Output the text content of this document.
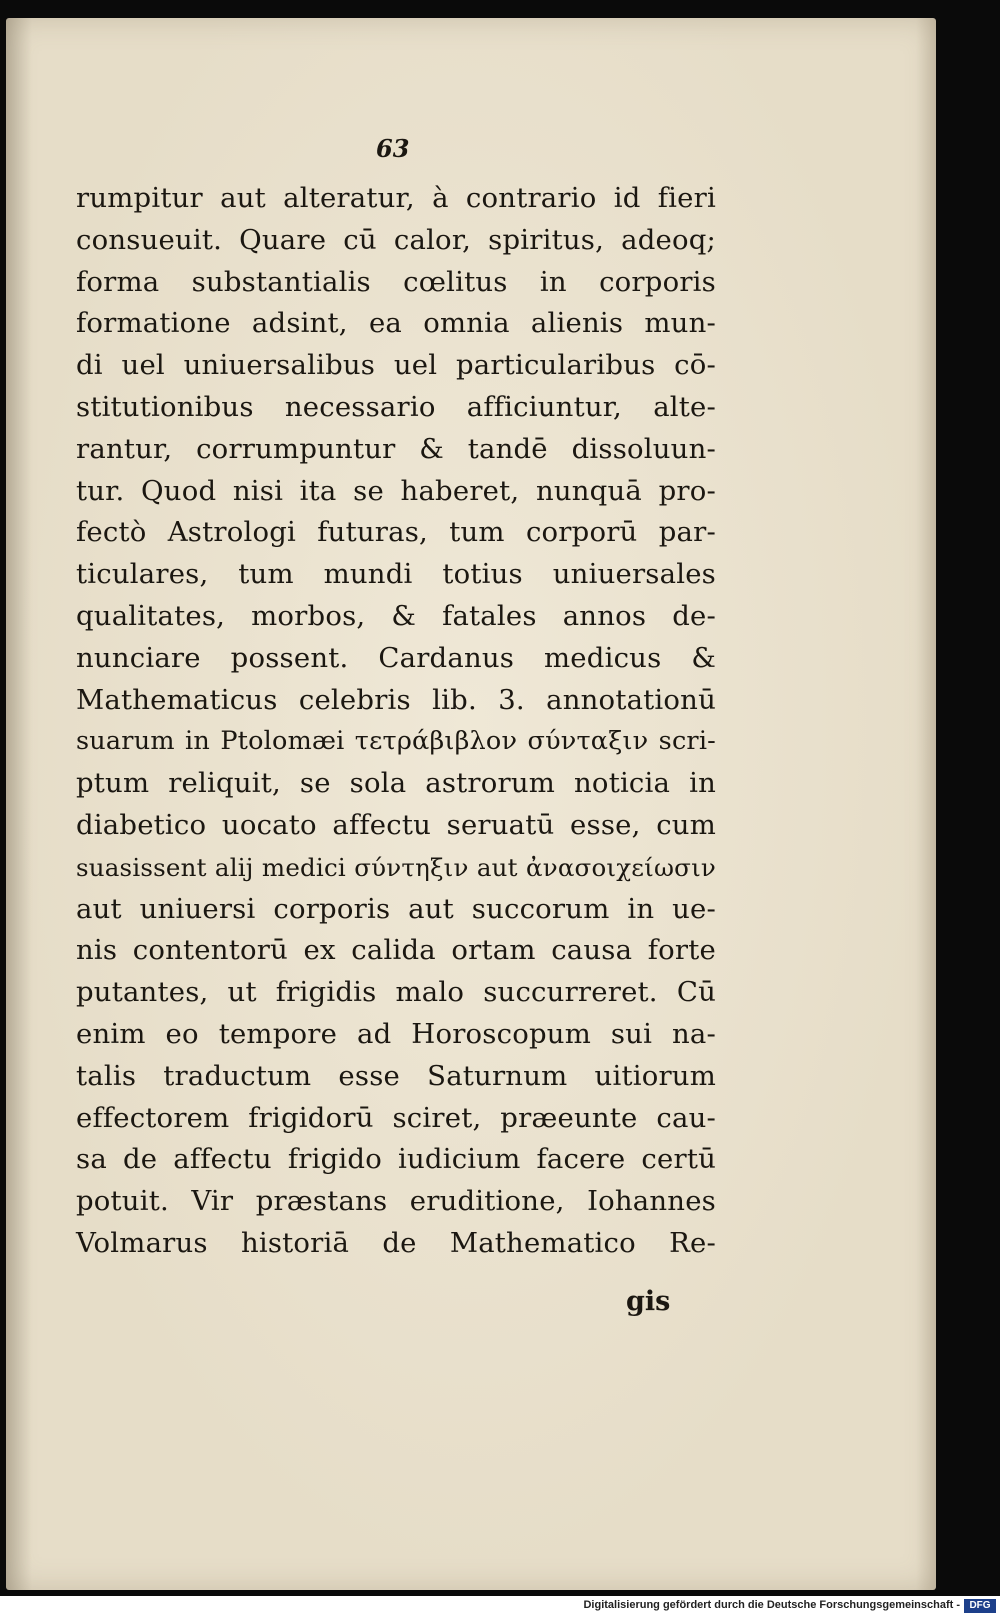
63
rumpitur aut alteratur, à contrario id fieri
consueuit. Quare cū calor, spiritus, adeoq;
forma substantialis cœlitus in corporis
formatione adsint, ea omnia alienis mun-
di uel uniuersalibus uel particularibus cō-
stitutionibus necessario afficiuntur, alte-
rantur, corrumpuntur & tandē dissoluun-
tur. Quod nisi ita se haberet, nunquā pro-
fectò Astrologi futuras, tum corporū par-
ticulares, tum mundi totius uniuersales
qualitates, morbos, & fatales annos de-
nunciare possent. Cardanus medicus &
Mathematicus celebris lib. 3. annotationū
suarum in Ptolomæi τετράβιβλον σύνταξιν scri-
ptum reliquit, se sola astrorum noticia in
diabetico uocato affectu seruatū esse, cum
suasissent alij medici σύντηξιν aut ἀνασοιχείωσιν
aut uniuersi corporis aut succorum in ue-
nis contentorū ex calida ortam causa forte
putantes, ut frigidis malo succurreret. Cū
enim eo tempore ad Horoscopum sui na-
talis traductum esse Saturnum uitiorum
effectorem frigidorū sciret, præeunte cau-
sa de affectu frigido iudicium facere certū
potuit. Vir præstans eruditione, Iohannes
Volmarus historiā de Mathematico Re-
gis
Digitalisierung gefördert durch die Deutsche Forschungsgemeinschaft - DFG
